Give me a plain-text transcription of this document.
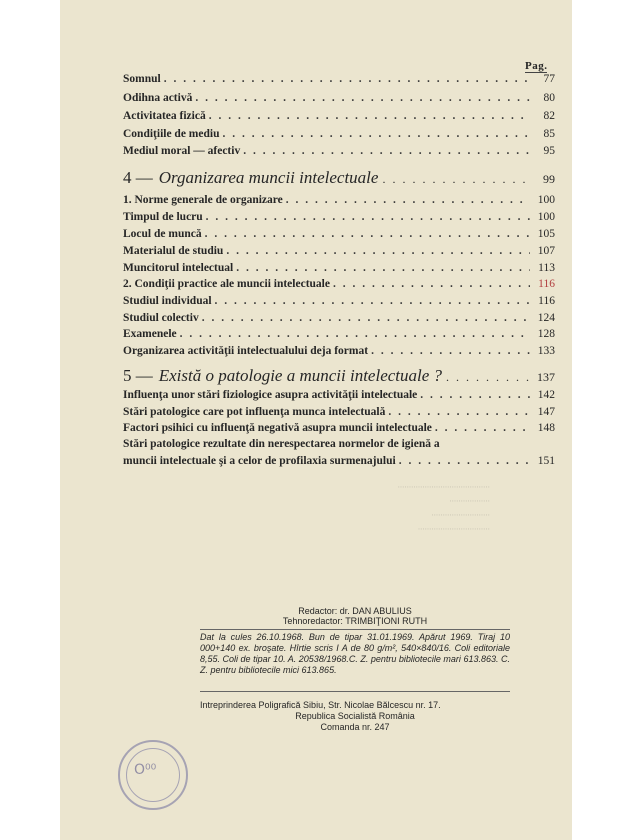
Pag.
Somnul . . .	77
Odihna activă . . .	80
Activitatea fizică . . .	82
Condiţiile de mediu . . .	85
Mediul moral — afectiv . . .	95
4 — Organizarea muncii intelectuale . . .	99
1. Norme generale de organizare . . .	100
Timpul de lucru . . .	100
Locul de muncă . . .	105
Materialul de studiu . . .	107
Muncitorul intelectual . . .	113
2. Condiţii practice ale muncii intelectuale . . .	116
Studiul individual . . .	116
Studiul colectiv . . .	124
Examenele . . .	128
Organizarea activităţii intelectualului deja format . . .	133
5 — Există o patologie a muncii intelectuale ? . . .	137
Influenţa unor stări fiziologice asupra activităţii intelectuale . . .	142
Stări patologice care pot influenţa munca intelectuală . . .	147
Factori psihici cu influenţă negativă asupra muncii intelectuale . . .	148
Stări patologice rezultate din nerespectarea normelor de igienă a
muncii intelectuale şi a celor de profilaxia surmenajului . . .	151
·········································
··················
··························
································
Redactor: dr. DAN ABULIUS
Tehnoredactor: TRIMBIŢIONI RUTH
Dat la cules 26.10.1968. Bun de tipar 31.01.1969. Apărut 1969. Tiraj 10 000+140 ex. broşate. Hîrtie scris I A de 80 g/m², 540×840/16. Coli editoriale 8,55. Coli de tipar 10. A. 20538/1968.C. Z. pentru bibliotecile mari 613.863. C. Z. pentru bibliotecile mici 613.865.
Intreprinderea Poligrafică Sibiu, Str. Nicolae Bălcescu nr. 17.
Republica Socialistă România
Comanda nr. 247
O⁰⁰
